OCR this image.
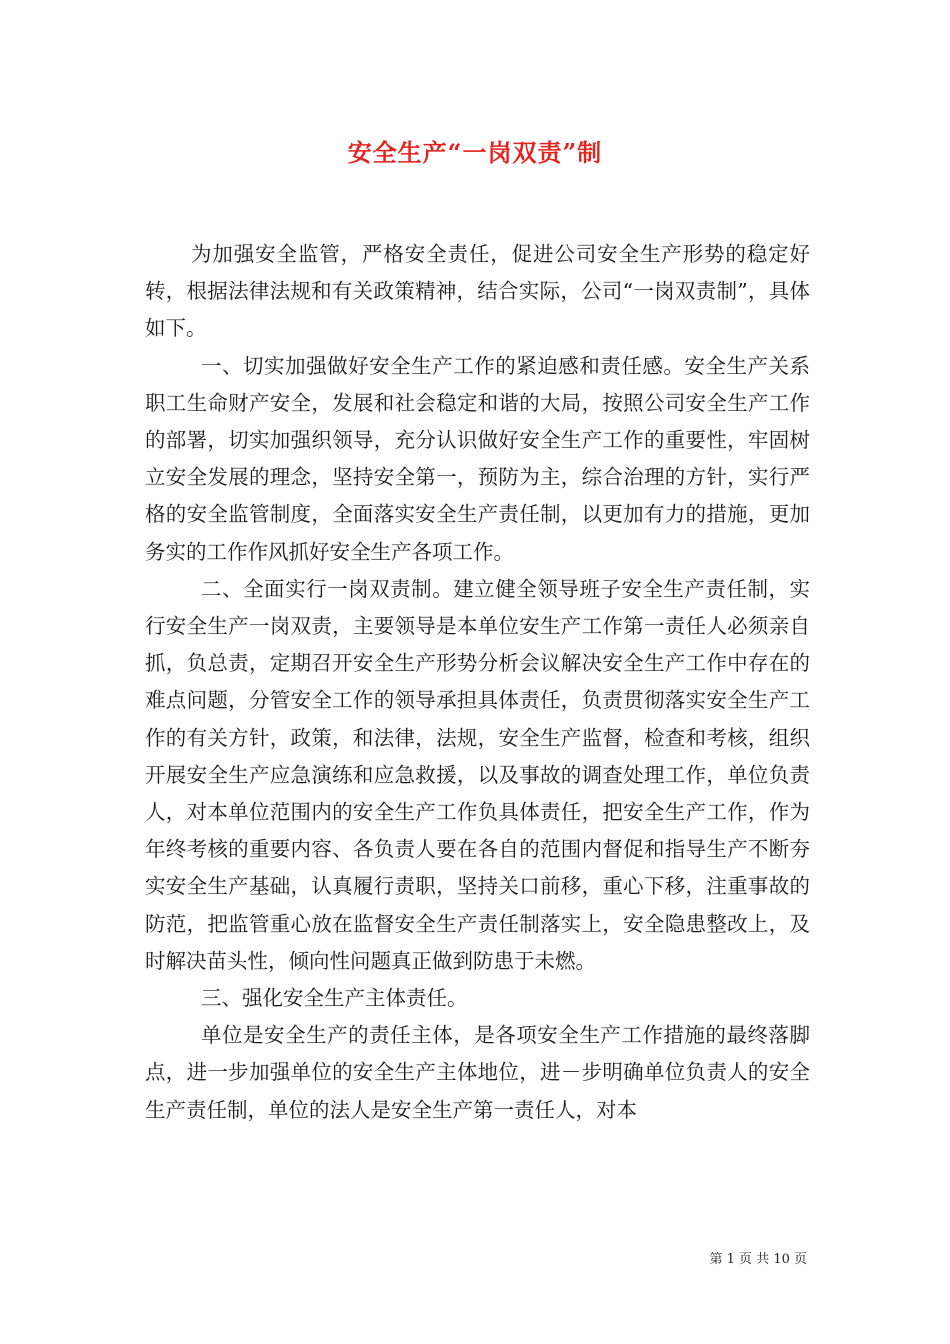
安全生产“一岗双责”制

为加强安全监管，严格安全责任，促进公司安全生产形势的稳定好转，根据法律法规和有关政策精神，结合实际，公司“一岗双责制”，具体如下。

一、切实加强做好安全生产工作的紧迫感和责任感。安全生产关系职工生命财产安全，发展和社会稳定和谐的大局，按照公司安全生产工作的部署，切实加强织领导，充分认识做好安全生产工作的重要性，牢固树立安全发展的理念，坚持安全第一，预防为主，综合治理的方针，实行严格的安全监管制度，全面落实安全生产责任制，以更加有力的措施，更加务实的工作作风抓好安全生产各项工作。

二、全面实行一岗双责制。建立健全领导班子安全生产责任制，实行安全生产一岗双责，主要领导是本单位安生产工作第一责任人必须亲自抓，负总责，定期召开安全生产形势分析会议解决安全生产工作中存在的难点问题，分管安全工作的领导承担具体责任，负责贯彻落实安全生产工作的有关方针，政策，和法律，法规，安全生产监督，检查和考核，组织开展安全生产应急演练和应急救援，以及事故的调查处理工作，单位负责人，对本单位范围内的安全生产工作负具体责任，把安全生产工作，作为年终考核的重要内容、各负责人要在各自的范围内督促和指导生产不断夯实安全生产基础，认真履行责职，坚持关口前移，重心下移，注重事故的防范，把监管重心放在监督安全生产责任制落实上，安全隐患整改上，及时解决苗头性，倾向性问题真正做到防患于未燃。

三、强化安全生产主体责任。

单位是安全生产的责任主体，是各项安全生产工作措施的最终落脚点，进一步加强单位的安全生产主体地位，进－步明确单位负责人的安全生产责任制，单位的法人是安全生产第一责任人，对本

第 1 页 共 10 页
